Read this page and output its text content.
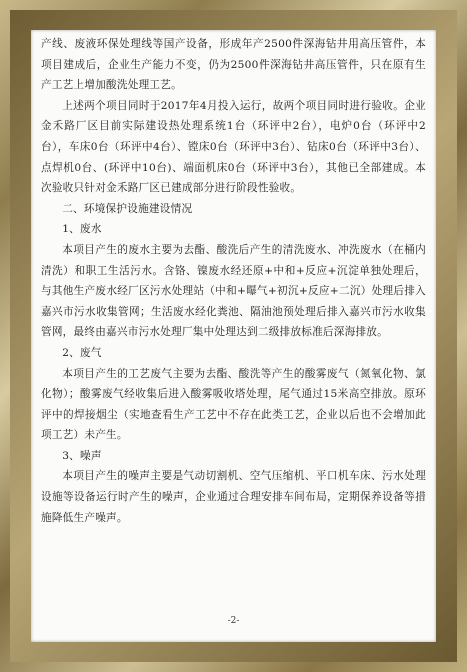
产线、废液环保处理线等国产设备，形成年产2500件深海钻井用高压管件，本项目建成后，企业生产能力不变，仍为2500件深海钻井高压管件，只在原有生产工艺上增加酸洗处理工艺。

上述两个项目同时于2017年4月投入运行，故两个项目同时进行验收。企业金禾路厂区目前实际建设热处理系统1台（环评中2台），电炉0台（环评中2台），车床0台（环评中4台）、镗床0台（环评中3台）、钻床0台（环评中3台）、点焊机0台、(环评中10台)、端面机床0台（环评中3台），其他已全部建成。本次验收只针对金禾路厂区已建成部分进行阶段性验收。

二、环境保护设施建设情况

1、废水

本项目产生的废水主要为去酯、酸洗后产生的清洗废水、冲洗废水（在桶内清洗）和职工生活污水。含铬、镍废水经还原+中和+反应+沉淀单独处理后，与其他生产废水经厂区污水处理站（中和+曝气+初沉+反应+二沉）处理后排入嘉兴市污水收集管网；生活废水经化粪池、隔油池预处理后排入嘉兴市污水收集管网，最终由嘉兴市污水处理厂集中处理达到二级排放标准后深海排放。

2、废气

本项目产生的工艺废气主要为去酯、酸洗等产生的酸雾废气（氮氧化物、氯化物）；酸雾废气经收集后进入酸雾吸收塔处理，尾气通过15米高空排放。原环评中的焊接烟尘（实地查看生产工艺中不存在此类工艺，企业以后也不会增加此项工艺）未产生。

3、噪声

本项目产生的噪声主要是气动切割机、空气压缩机、平口机车床、污水处理设施等设备运行时产生的噪声，企业通过合理安排车间布局，定期保养设备等措施降低生产噪声。

-2-
